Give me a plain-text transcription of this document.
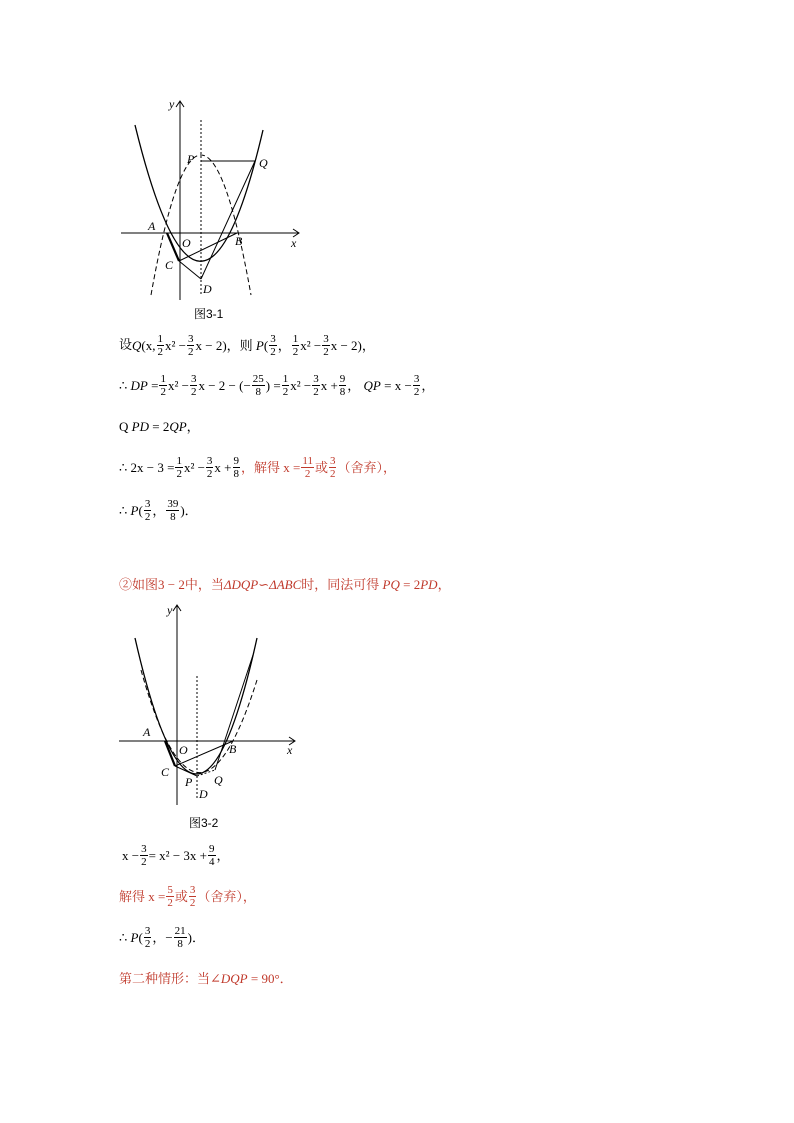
y
x
P	Q
A
O	B
C
D
图3-1
设 Q (x, $\frac{1}{2} x^2 - \frac{3}{2}$ x − 2)，则
P ( $\frac{3}{2}$ ， $\frac{1}{2} x^2 - \frac{3}{2}$ x − 2)，
∴
DP
= $\frac{1}{2} x^2 - \frac{3}{2}$ x − 2 − (− $\frac{25}{8}$ ) = $\frac{1}{2} x^2 - \frac{3}{2}$ $x + \frac{9}{8}$ ，
QP
= $x - \frac{3}{2}$ ，
Q
PD
= 2 QP ，
∴ $2x - 3 = \frac{1}{2} x^2 - \frac{3}{2}$ $x + \frac{9}{8}$ ，解得 $x = \frac{11}{2}$ 或 $\frac{3}{2}$ （舍弃），
∴
P ( $\frac{3}{2}$ ， $\frac{39}{8}$ )．
②如图3 − 2中，当 ΔDQP∽ΔABC 时，同法可得
PQ
= 2 PD ，
y
x
A
O	B
C
P Q
D
图3-2
$x - \frac{3}{2} = x^2 - 3x + \frac{9}{4}$ ，
解得 $x = \frac{5}{2}$ 或 $\frac{3}{2}$ （舍弃），
∴
P ( $\frac{3}{2}$ ，− $\frac{21}{8}$ )．
第二种情形：当 ∠DQP
= 90° ．
